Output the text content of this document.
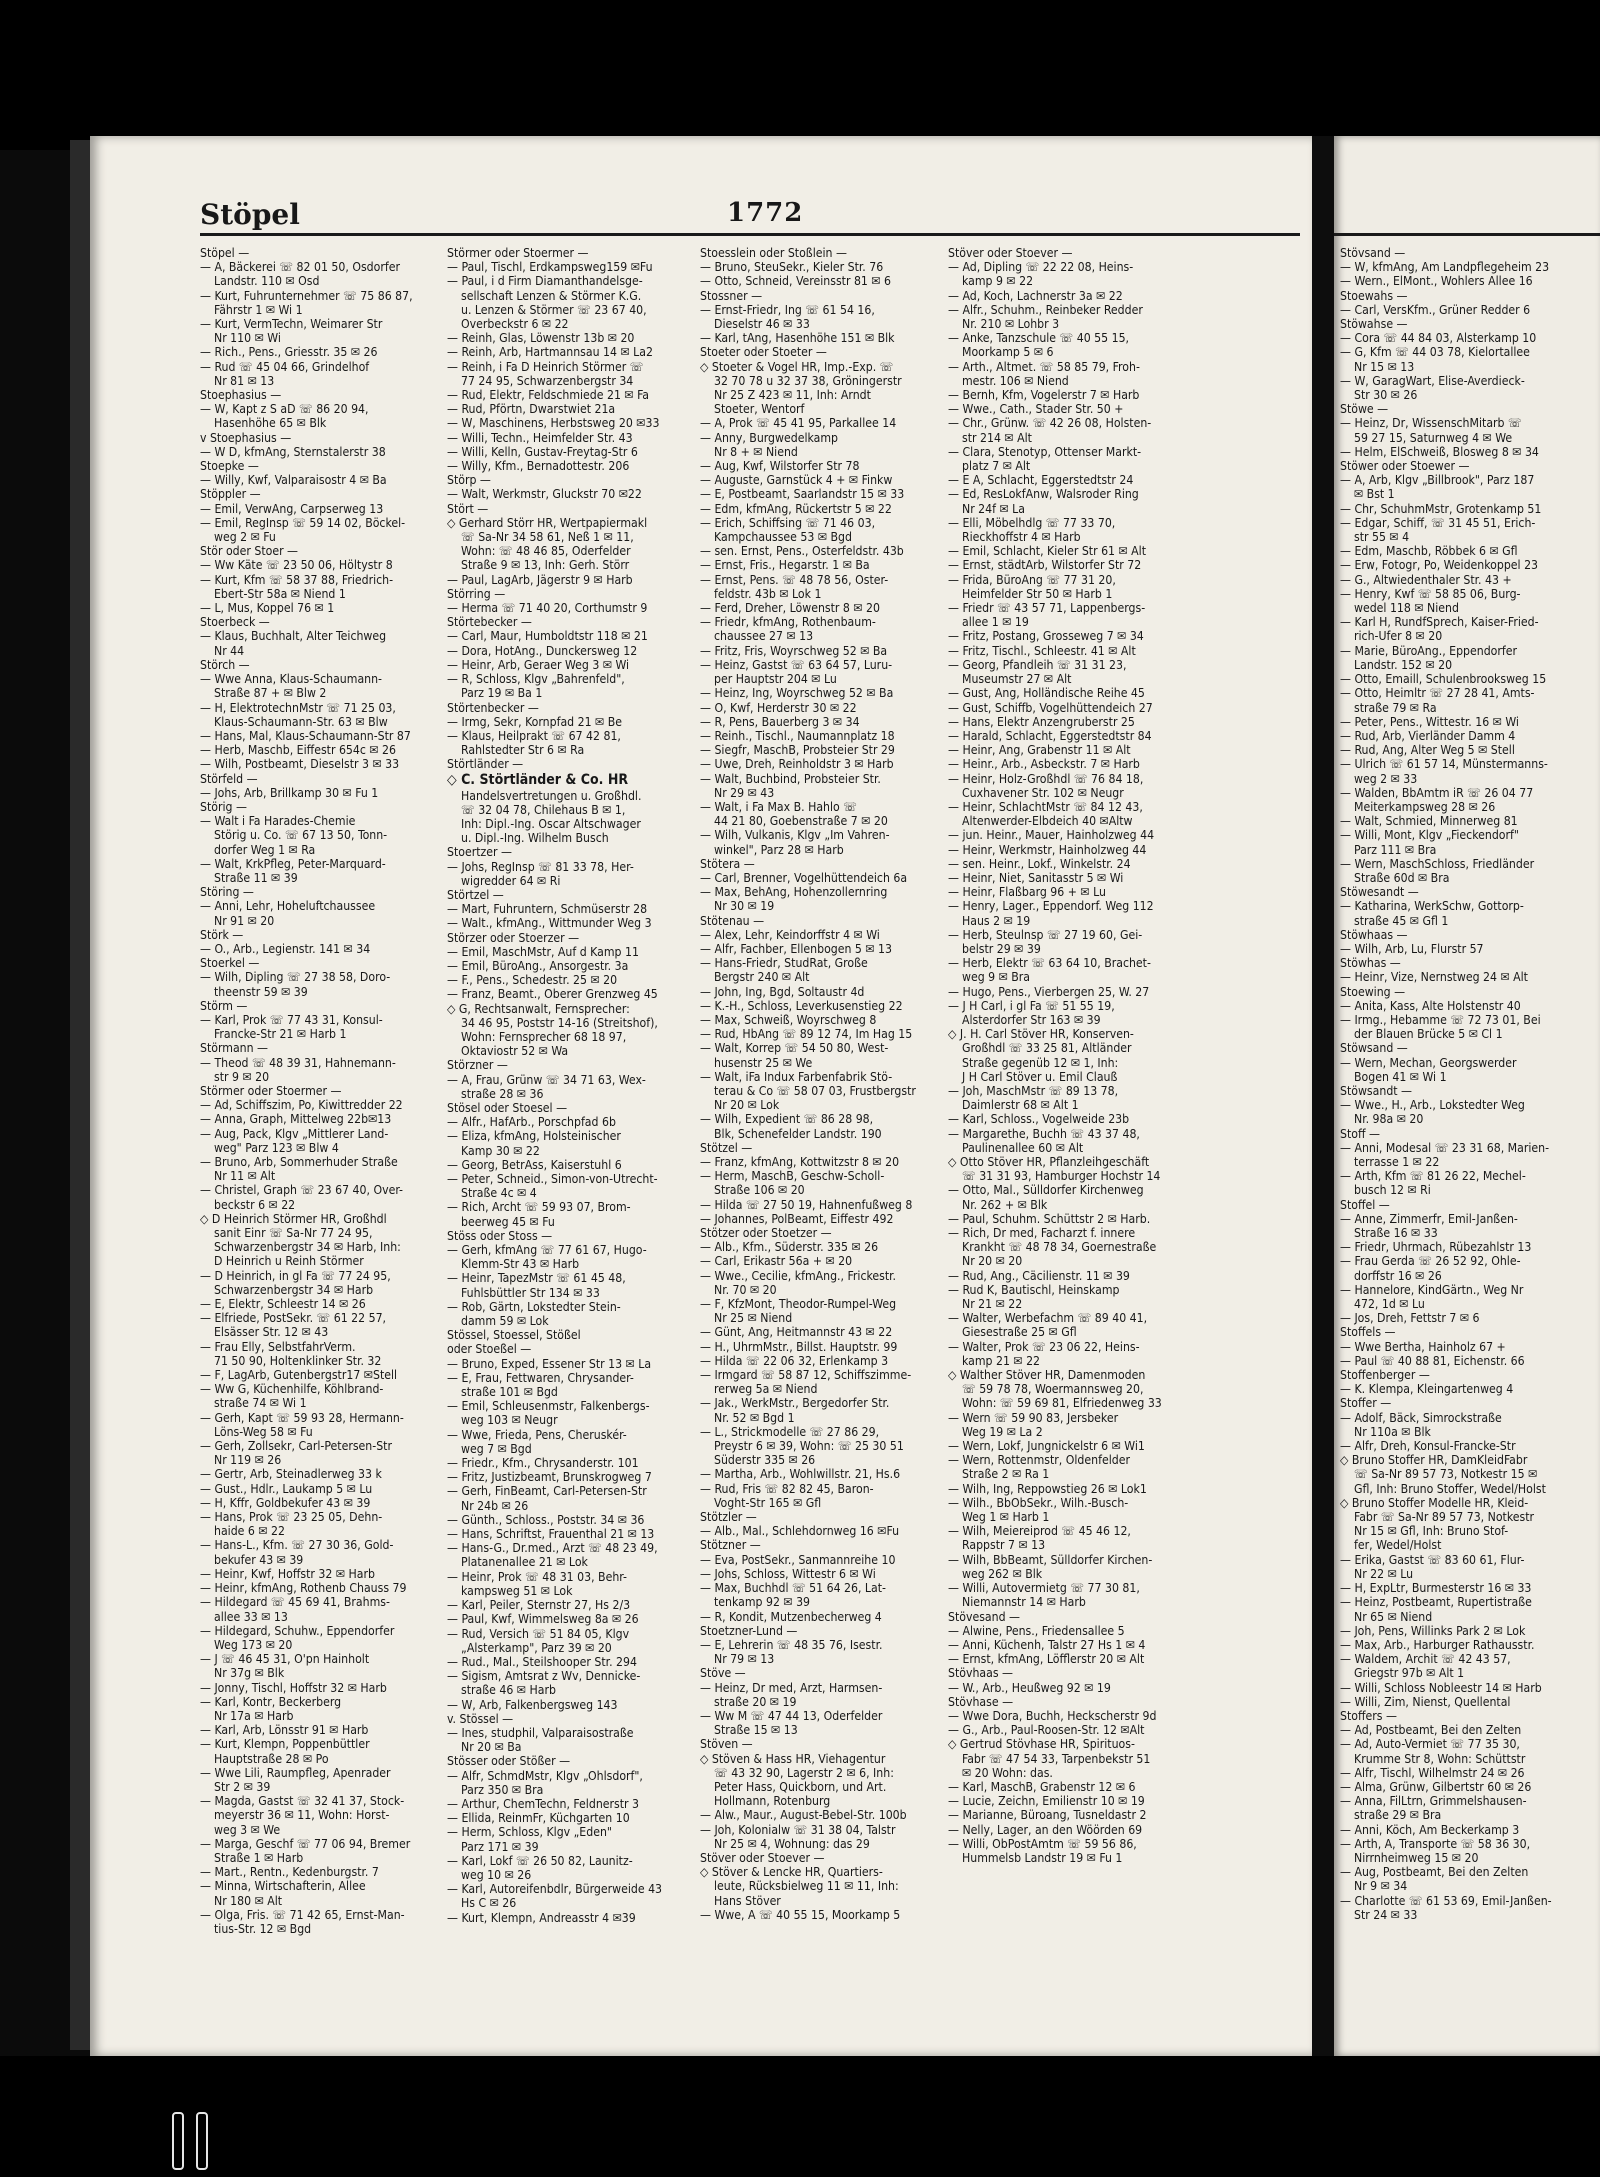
Stöpel	1772
Stöpel —
— A, Bäckerei ☏ 82 01 50, Osdorfer
Landstr. 110 ✉ Osd
— Kurt, Fuhrunternehmer ☏ 75 86 87,
Fährstr 1 ✉ Wi 1
— Kurt, VermTechn, Weimarer Str
Nr 110 ✉ Wi
— Rich., Pens., Griesstr. 35 ✉ 26
— Rud ☏ 45 04 66, Grindelhof
Nr 81 ✉ 13
Stoephasius —
— W, Kapt z S aD ☏ 86 20 94,
Hasenhöhe 65 ✉ Blk
v Stoephasius —
— W D, kfmAng, Sternstalerstr 38
Stoepke —
— Willy, Kwf, Valparaisostr 4 ✉ Ba
Stöppler —
— Emil, VerwAng, Carpserweg 13
— Emil, RegInsp ☏ 59 14 02, Böckel-
weg 2 ✉ Fu
Stör oder Stoer —
— Ww Käte ☏ 23 50 06, Höltystr 8
— Kurt, Kfm ☏ 58 37 88, Friedrich-
Ebert-Str 58a ✉ Niend 1
— L, Mus, Koppel 76 ✉ 1
Stoerbeck —
— Klaus, Buchhalt, Alter Teichweg
Nr 44
Störch —
— Wwe Anna, Klaus-Schaumann-
Straße 87 + ✉ Blw 2
— H, ElektrotechnMstr ☏ 71 25 03,
Klaus-Schaumann-Str. 63 ✉ Blw
— Hans, Mal, Klaus-Schaumann-Str 87
— Herb, Maschb, Eiffestr 654c ✉ 26
— Wilh, Postbeamt, Dieselstr 3 ✉ 33
Störfeld —
— Johs, Arb, Brillkamp 30 ✉ Fu 1
Störig —
— Walt i Fa Harades-Chemie
Störig u. Co. ☏ 67 13 50, Tonn-
dorfer Weg 1 ✉ Ra
— Walt, KrkPfleg, Peter-Marquard-
Straße 11 ✉ 39
Störing —
— Anni, Lehr, Hoheluftchaussee
Nr 91 ✉ 20
Störk —
— O., Arb., Legienstr. 141 ✉ 34
Stoerkel —
— Wilh, Dipling ☏ 27 38 58, Doro-
theenstr 59 ✉ 39
Störm —
— Karl, Prok ☏ 77 43 31, Konsul-
Francke-Str 21 ✉ Harb 1
Störmann —
— Theod ☏ 48 39 31, Hahnemann-
str 9 ✉ 20
Störmer oder Stoermer —
— Ad, Schiffszim, Po, Kiwittredder 22
— Anna, Graph, Mittelweg 22b✉13
— Aug, Pack, Klgv „Mittlerer Land-
weg" Parz 123 ✉ Blw 4
— Bruno, Arb, Sommerhuder Straße
Nr 11 ✉ Alt
— Christel, Graph ☏ 23 67 40, Over-
beckstr 6 ✉ 22
◇ D Heinrich Störmer HR, Großhdl
sanit Einr ☏ Sa-Nr 77 24 95,
Schwarzenbergstr 34 ✉ Harb, Inh:
D Heinrich u Reinh Störmer
— D Heinrich, in gl Fa ☏ 77 24 95,
Schwarzenbergstr 34 ✉ Harb
— E, Elektr, Schleestr 14 ✉ 26
— Elfriede, PostSekr. ☏ 61 22 57,
Elsässer Str. 12 ✉ 43
— Frau Elly, SelbstfahrVerm.
71 50 90, Holtenklinker Str. 32
— F, LagArb, Gutenbergstr17 ✉Stell
— Ww G, Küchenhilfe, Köhlbrand-
straße 74 ✉ Wi 1
— Gerh, Kapt ☏ 59 93 28, Hermann-
Löns-Weg 58 ✉ Fu
— Gerh, Zollsekr, Carl-Petersen-Str
Nr 119 ✉ 26
— Gertr, Arb, Steinadlerweg 33 k
— Gust., Hdlr., Laukamp 5 ✉ Lu
— H, Kffr, Goldbekufer 43 ✉ 39
— Hans, Prok ☏ 23 25 05, Dehn-
haide 6 ✉ 22
— Hans-L., Kfm. ☏ 27 30 36, Gold-
bekufer 43 ✉ 39
— Heinr, Kwf, Hoffstr 32 ✉ Harb
— Heinr, kfmAng, Rothenb Chauss 79
— Hildegard ☏ 45 69 41, Brahms-
allee 33 ✉ 13
— Hildegard, Schuhw., Eppendorfer
Weg 173 ✉ 20
— J ☏ 46 45 31, O'pn Hainholt
Nr 37g ✉ Blk
— Jonny, Tischl, Hoffstr 32 ✉ Harb
— Karl, Kontr, Beckerberg
Nr 17a ✉ Harb
— Karl, Arb, Lönsstr 91 ✉ Harb
— Kurt, Klempn, Poppenbüttler
Hauptstraße 28 ✉ Po
— Wwe Lili, Raumpfleg, Apenrader
Str 2 ✉ 39
— Magda, Gastst ☏ 32 41 37, Stock-
meyerstr 36 ✉ 11, Wohn: Horst-
weg 3 ✉ We
— Marga, Geschf ☏ 77 06 94, Bremer
Straße 1 ✉ Harb
— Mart., Rentn., Kedenburgstr. 7
— Minna, Wirtschafterin, Allee
Nr 180 ✉ Alt
— Olga, Fris. ☏ 71 42 65, Ernst-Man-
tius-Str. 12 ✉ Bgd
Störmer oder Stoermer —
— Paul, Tischl, Erdkampsweg159 ✉Fu
— Paul, i d Firm Diamanthandelsge-
sellschaft Lenzen & Störmer K.G.
u. Lenzen & Störmer ☏ 23 67 40,
Overbeckstr 6 ✉ 22
— Reinh, Glas, Löwenstr 13b ✉ 20
— Reinh, Arb, Hartmannsau 14 ✉ La2
— Reinh, i Fa D Heinrich Störmer ☏
77 24 95, Schwarzenbergstr 34
— Rud, Elektr, Feldschmiede 21 ✉ Fa
— Rud, Pförtn, Dwarstwiet 21a
— W, Maschinens, Herbstsweg 20 ✉33
— Willi, Techn., Heimfelder Str. 43
— Willi, Kelln, Gustav-Freytag-Str 6
— Willy, Kfm., Bernadottestr. 206
Störp —
— Walt, Werkmstr, Gluckstr 70 ✉22
Stört —
◇ Gerhard Störr HR, Wertpapiermakl
☏ Sa-Nr 34 58 61, Neß 1 ✉ 11,
Wohn: ☏ 48 46 85, Oderfelder
Straße 9 ✉ 13, Inh: Gerh. Störr
— Paul, LagArb, Jägerstr 9 ✉ Harb
Störring —
— Herma ☏ 71 40 20, Corthumstr 9
Störtebecker —
— Carl, Maur, Humboldtstr 118 ✉ 21
— Dora, HotAng., Dunckersweg 12
— Heinr, Arb, Geraer Weg 3 ✉ Wi
— R, Schloss, Klgv „Bahrenfeld",
Parz 19 ✉ Ba 1
Störtenbecker —
— Irmg, Sekr, Kornpfad 21 ✉ Be
— Klaus, Heilprakt ☏ 67 42 81,
Rahlstedter Str 6 ✉ Ra
Störtländer —
◇ C. Störtländer & Co. HR
Handelsvertretungen u. Großhdl.
☏ 32 04 78, Chilehaus B ✉ 1,
Inh: Dipl.-Ing. Oscar Altschwager
u. Dipl.-Ing. Wilhelm Busch
Stoertzer —
— Johs, RegInsp ☏ 81 33 78, Her-
wigredder 64 ✉ Ri
Störtzel —
— Mart, Fuhruntern, Schmüserstr 28
— Walt., kfmAng., Wittmunder Weg 3
Störzer oder Stoerzer —
— Emil, MaschMstr, Auf d Kamp 11
— Emil, BüroAng., Ansorgestr. 3a
— F., Pens., Schedestr. 25 ✉ 20
— Franz, Beamt., Oberer Grenzweg 45
◇ G, Rechtsanwalt, Fernsprecher:
34 46 95, Poststr 14-16 (Streitshof),
Wohn: Fernsprecher 68 18 97,
Oktaviostr 52 ✉ Wa
Störzner —
— A, Frau, Grünw ☏ 34 71 63, Wex-
straße 28 ✉ 36
Stösel oder Stoesel —
— Alfr., HafArb., Porschpfad 6b
— Eliza, kfmAng, Holsteinischer
Kamp 30 ✉ 22
— Georg, BetrAss, Kaiserstuhl 6
— Peter, Schneid., Simon-von-Utrecht-
Straße 4c ✉ 4
— Rich, Archt ☏ 59 93 07, Brom-
beerweg 45 ✉ Fu
Stöss oder Stoss —
— Gerh, kfmAng ☏ 77 61 67, Hugo-
Klemm-Str 43 ✉ Harb
— Heinr, TapezMstr ☏ 61 45 48,
Fuhlsbüttler Str 134 ✉ 33
— Rob, Gärtn, Lokstedter Stein-
damm 59 ✉ Lok
Stössel, Stoessel, Stößel
oder Stoeßel —
— Bruno, Exped, Essener Str 13 ✉ La
— E, Frau, Fettwaren, Chrysander-
straße 101 ✉ Bgd
— Emil, Schleusenmstr, Falkenbergs-
weg 103 ✉ Neugr
— Wwe, Frieda, Pens, Cheruskér-
weg 7 ✉ Bgd
— Friedr., Kfm., Chrysanderstr. 101
— Fritz, Justizbeamt, Brunskrogweg 7
— Gerh, FinBeamt, Carl-Petersen-Str
Nr 24b ✉ 26
— Günth., Schloss., Poststr. 34 ✉ 36
— Hans, Schriftst, Frauenthal 21 ✉ 13
— Hans-G., Dr.med., Arzt ☏ 48 23 49,
Platanenallee 21 ✉ Lok
— Heinr, Prok ☏ 48 31 03, Behr-
kampsweg 51 ✉ Lok
— Karl, Peiler, Sternstr 27, Hs 2/3
— Paul, Kwf, Wimmelsweg 8a ✉ 26
— Rud, Versich ☏ 51 84 05, Klgv
„Alsterkamp", Parz 39 ✉ 20
— Rud., Mal., Steilshooper Str. 294
— Sigism, Amtsrat z Wv, Dennicke-
straße 46 ✉ Harb
— W, Arb, Falkenbergsweg 143
v. Stössel —
— Ines, studphil, Valparaisostraße
Nr 20 ✉ Ba
Stösser oder Stößer —
— Alfr, SchmdMstr, Klgv „Ohlsdorf",
Parz 350 ✉ Bra
— Arthur, ChemTechn, Feldnerstr 3
— Ellida, ReinmFr, Küchgarten 10
— Herm, Schloss, Klgv „Eden"
Parz 171 ✉ 39
— Karl, Lokf ☏ 26 50 82, Launitz-
weg 10 ✉ 26
— Karl, Autoreifenbdlr, Bürgerweide 43
Hs C ✉ 26
— Kurt, Klempn, Andreasstr 4 ✉39
Stoesslein oder Stoßlein —
— Bruno, SteuSekr., Kieler Str. 76
— Otto, Schneid, Vereinsstr 81 ✉ 6
Stossner —
— Ernst-Friedr, Ing ☏ 61 54 16,
Dieselstr 46 ✉ 33
— Karl, tAng, Hasenhöhe 151 ✉ Blk
Stoeter oder Stoeter —
◇ Stoeter & Vogel HR, Imp.-Exp. ☏
32 70 78 u 32 37 38, Gröningerstr
Nr 25 Z 423 ✉ 11, Inh: Arndt
Stoeter, Wentorf
— A, Prok ☏ 45 41 95, Parkallee 14
— Anny, Burgwedelkamp
Nr 8 + ✉ Niend
— Aug, Kwf, Wilstorfer Str 78
— Auguste, Garnstück 4 + ✉ Finkw
— E, Postbeamt, Saarlandstr 15 ✉ 33
— Edm, kfmAng, Rückertstr 5 ✉ 22
— Erich, Schiffsing ☏ 71 46 03,
Kampchaussee 53 ✉ Bgd
— sen. Ernst, Pens., Osterfeldstr. 43b
— Ernst, Fris., Hegarstr. 1 ✉ Ba
— Ernst, Pens. ☏ 48 78 56, Oster-
feldstr. 43b ✉ Lok 1
— Ferd, Dreher, Löwenstr 8 ✉ 20
— Friedr, kfmAng, Rothenbaum-
chaussee 27 ✉ 13
— Fritz, Fris, Woyrschweg 52 ✉ Ba
— Heinz, Gastst ☏ 63 64 57, Luru-
per Hauptstr 204 ✉ Lu
— Heinz, Ing, Woyrschweg 52 ✉ Ba
— O, Kwf, Herderstr 30 ✉ 22
— R, Pens, Bauerberg 3 ✉ 34
— Reinh., Tischl., Naumannplatz 18
— Siegfr, MaschB, Probsteier Str 29
— Uwe, Dreh, Reinholdstr 3 ✉ Harb
— Walt, Buchbind, Probsteier Str.
Nr 29 ✉ 43
— Walt, i Fa Max B. Hahlo ☏
44 21 80, Goebenstraße 7 ✉ 20
— Wilh, Vulkanis, Klgv „Im Vahren-
winkel", Parz 28 ✉ Harb
Stötera —
— Carl, Brenner, Vogelhüttendeich 6a
— Max, BehAng, Hohenzollernring
Nr 30 ✉ 19
Stötenau —
— Alex, Lehr, Keindorffstr 4 ✉ Wi
— Alfr, Fachber, Ellenbogen 5 ✉ 13
— Hans-Friedr, StudRat, Große
Bergstr 240 ✉ Alt
— John, Ing, Bgd, Soltaustr 4d
— K.-H., Schloss, Leverkusenstieg 22
— Max, Schweiß, Woyrschweg 8
— Rud, HbAng ☏ 89 12 74, Im Hag 15
— Walt, Korrep ☏ 54 50 80, West-
husenstr 25 ✉ We
— Walt, iFa Indux Farbenfabrik Stö-
terau & Co ☏ 58 07 03, Frustbergstr
Nr 20 ✉ Lok
— Wilh, Expedient ☏ 86 28 98,
Blk, Schenefelder Landstr. 190
Stötzel —
— Franz, kfmAng, Kottwitzstr 8 ✉ 20
— Herm, MaschB, Geschw-Scholl-
Straße 106 ✉ 20
— Hilda ☏ 27 50 19, Hahnenfußweg 8
— Johannes, PolBeamt, Eiffestr 492
Stötzer oder Stoetzer —
— Alb., Kfm., Süderstr. 335 ✉ 26
— Carl, Erikastr 56a + ✉ 20
— Wwe., Cecilie, kfmAng., Frickestr.
Nr. 70 ✉ 20
— F, KfzMont, Theodor-Rumpel-Weg
Nr 25 ✉ Niend
— Günt, Ang, Heitmannstr 43 ✉ 22
— H., UhrmMstr., Billst. Hauptstr. 99
— Hilda ☏ 22 06 32, Erlenkamp 3
— Irmgard ☏ 58 87 12, Schiffszimme-
rerweg 5a ✉ Niend
— Jak., WerkMstr., Bergedorfer Str.
Nr. 52 ✉ Bgd 1
— L., Strickmodelle ☏ 27 86 29,
Preystr 6 ✉ 39, Wohn: ☏ 25 30 51
Süderstr 335 ✉ 26
— Martha, Arb., Wohlwillstr. 21, Hs.6
— Rud, Fris ☏ 82 82 45, Baron-
Voght-Str 165 ✉ Gfl
Stötzler —
— Alb., Mal., Schlehdornweg 16 ✉Fu
Stötzner —
— Eva, PostSekr., Sanmannreihe 10
— Johs, Schloss, Wittestr 6 ✉ Wi
— Max, Buchhdl ☏ 51 64 26, Lat-
tenkamp 92 ✉ 39
— R, Kondit, Mutzenbecherweg 4
Stoetzner-Lund —
— E, Lehrerin ☏ 48 35 76, Isestr.
Nr 79 ✉ 13
Stöve —
— Heinz, Dr med, Arzt, Harmsen-
straße 20 ✉ 19
— Ww M ☏ 47 44 13, Oderfelder
Straße 15 ✉ 13
Stöven —
◇ Stöven & Hass HR, Viehagentur
☏ 43 32 90, Lagerstr 2 ✉ 6, Inh:
Peter Hass, Quickborn, und Art.
Hollmann, Rotenburg
— Alw., Maur., August-Bebel-Str. 100b
— Joh, Kolonialw ☏ 31 38 04, Talstr
Nr 25 ✉ 4, Wohnung: das 29
Stöver oder Stoever —
◇ Stöver & Lencke HR, Quartiers-
leute, Rücksbielweg 11 ✉ 11, Inh:
Hans Stöver
— Wwe, A ☏ 40 55 15, Moorkamp 5
Stöver oder Stoever —
— Ad, Dipling ☏ 22 22 08, Heins-
kamp 9 ✉ 22
— Ad, Koch, Lachnerstr 3a ✉ 22
— Alfr., Schuhm., Reinbeker Redder
Nr. 210 ✉ Lohbr 3
— Anke, Tanzschule ☏ 40 55 15,
Moorkamp 5 ✉ 6
— Arth., Altmet. ☏ 58 85 79, Froh-
mestr. 106 ✉ Niend
— Bernh, Kfm, Vogelerstr 7 ✉ Harb
— Wwe., Cath., Stader Str. 50 +
— Chr., Grünw. ☏ 42 26 08, Holsten-
str 214 ✉ Alt
— Clara, Stenotyp, Ottenser Markt-
platz 7 ✉ Alt
— E A, Schlacht, Eggerstedtstr 24
— Ed, ResLokfAnw, Walsroder Ring
Nr 24f ✉ La
— Elli, Möbelhdlg ☏ 77 33 70,
Rieckhoffstr 4 ✉ Harb
— Emil, Schlacht, Kieler Str 61 ✉ Alt
— Ernst, städtArb, Wilstorfer Str 72
— Frida, BüroAng ☏ 77 31 20,
Heimfelder Str 50 ✉ Harb 1
— Friedr ☏ 43 57 71, Lappenbergs-
allee 1 ✉ 19
— Fritz, Postang, Grosseweg 7 ✉ 34
— Fritz, Tischl., Schleestr. 41 ✉ Alt
— Georg, Pfandleih ☏ 31 31 23,
Museumstr 27 ✉ Alt
— Gust, Ang, Holländische Reihe 45
— Gust, Schiffb, Vogelhüttendeich 27
— Hans, Elektr Anzengruberstr 25
— Harald, Schlacht, Eggerstedtstr 84
— Heinr, Ang, Grabenstr 11 ✉ Alt
— Heinr., Arb., Asbeckstr. 7 ✉ Harb
— Heinr, Holz-Großhdl ☏ 76 84 18,
Cuxhavener Str. 102 ✉ Neugr
— Heinr, SchlachtMstr ☏ 84 12 43,
Altenwerder-Elbdeich 40 ✉Altw
— jun. Heinr., Mauer, Hainholzweg 44
— Heinr, Werkmstr, Hainholzweg 44
— sen. Heinr., Lokf., Winkelstr. 24
— Heinr, Niet, Sanitasstr 5 ✉ Wi
— Heinr, Flaßbarg 96 + ✉ Lu
— Henry, Lager., Eppendorf. Weg 112
Haus 2 ✉ 19
— Herb, Steulnsp ☏ 27 19 60, Gei-
belstr 29 ✉ 39
— Herb, Elektr ☏ 63 64 10, Brachet-
weg 9 ✉ Bra
— Hugo, Pens., Vierbergen 25, W. 27
— J H Carl, i gl Fa ☏ 51 55 19,
Alsterdorfer Str 163 ✉ 39
◇ J. H. Carl Stöver HR, Konserven-
Großhdl ☏ 33 25 81, Altländer
Straße gegenüb 12 ✉ 1, Inh:
J H Carl Stöver u. Emil Clauß
— Joh, MaschMstr ☏ 89 13 78,
Daimlerstr 68 ✉ Alt 1
— Karl, Schloss., Vogelweide 23b
— Margarethe, Buchh ☏ 43 37 48,
Paulinenallee 60 ✉ Alt
◇ Otto Stöver HR, Pflanzleihgeschäft
☏ 31 31 93, Hamburger Hochstr 14
— Otto, Mal., Sülldorfer Kirchenweg
Nr. 262 + ✉ Blk
— Paul, Schuhm. Schüttstr 2 ✉ Harb.
— Rich, Dr med, Facharzt f. innere
Krankht ☏ 48 78 34, Goernestraße
Nr 20 ✉ 20
— Rud, Ang., Cäcilienstr. 11 ✉ 39
— Rud K, Bautischl, Heinskamp
Nr 21 ✉ 22
— Walter, Werbefachm ☏ 89 40 41,
Giesestraße 25 ✉ Gfl
— Walter, Prok ☏ 23 06 22, Heins-
kamp 21 ✉ 22
◇ Walther Stöver HR, Damenmoden
☏ 59 78 78, Woermannsweg 20,
Wohn: ☏ 59 69 81, Elfriedenweg 33
— Wern ☏ 59 90 83, Jersbeker
Weg 19 ✉ La 2
— Wern, Lokf, Jungnickelstr 6 ✉ Wi1
— Wern, Rottenmstr, Oldenfelder
Straße 2 ✉ Ra 1
— Wilh, Ing, Reppowstieg 26 ✉ Lok1
— Wilh., BbObSekr., Wilh.-Busch-
Weg 1 ✉ Harb 1
— Wilh, Meiereiprod ☏ 45 46 12,
Rappstr 7 ✉ 13
— Wilh, BbBeamt, Sülldorfer Kirchen-
weg 262 ✉ Blk
— Willi, Autovermietg ☏ 77 30 81,
Niemannstr 14 ✉ Harb
Stövesand —
— Alwine, Pens., Friedensallee 5
— Anni, Küchenh, Talstr 27 Hs 1 ✉ 4
— Ernst, kfmAng, Löfflerstr 20 ✉ Alt
Stövhaas —
— W., Arb., Heußweg 92 ✉ 19
Stövhase —
— Wwe Dora, Buchh, Heckscherstr 9d
— G., Arb., Paul-Roosen-Str. 12 ✉Alt
◇ Gertrud Stövhase HR, Spirituos-
Fabr ☏ 47 54 33, Tarpenbekstr 51
✉ 20 Wohn: das.
— Karl, MaschB, Grabenstr 12 ✉ 6
— Lucie, Zeichn, Emilienstr 10 ✉ 19
— Marianne, Büroang, Tusneldastr 2
— Nelly, Lager, an den Wöörden 69
— Willi, ObPostAmtm ☏ 59 56 86,
Hummelsb Landstr 19 ✉ Fu 1
Stövsand —
— W, kfmAng, Am Landpflegeheim 23
— Wern., ElMont., Wohlers Allee 16
Stoewahs —
— Carl, VersKfm., Grüner Redder 6
Stöwahse —
— Cora ☏ 44 84 03, Alsterkamp 10
— G, Kfm ☏ 44 03 78, Kielortallee
Nr 15 ✉ 13
— W, GaragWart, Elise-Averdieck-
Str 30 ✉ 26
Stöwe —
— Heinz, Dr, WissenschMitarb ☏
59 27 15, Saturnweg 4 ✉ We
— Helm, ElSchweiß, Blosweg 8 ✉ 34
Stöwer oder Stoewer —
— A, Arb, Klgv „Billbrook", Parz 187
✉ Bst 1
— Chr, SchuhmMstr, Grotenkamp 51
— Edgar, Schiff, ☏ 31 45 51, Erich-
str 55 ✉ 4
— Edm, Maschb, Röbbek 6 ✉ Gfl
— Erw, Fotogr, Po, Weidenkoppel 23
— G., Altwiedenthaler Str. 43 +
— Henry, Kwf ☏ 58 85 06, Burg-
wedel 118 ✉ Niend
— Karl H, RundfSprech, Kaiser-Fried-
rich-Ufer 8 ✉ 20
— Marie, BüroAng., Eppendorfer
Landstr. 152 ✉ 20
— Otto, Emaill, Schulenbrooksweg 15
— Otto, Heimltr ☏ 27 28 41, Amts-
straße 79 ✉ Ra
— Peter, Pens., Wittestr. 16 ✉ Wi
— Rud, Arb, Vierländer Damm 4
— Rud, Ang, Alter Weg 5 ✉ Stell
— Ulrich ☏ 61 57 14, Münstermanns-
weg 2 ✉ 33
— Walden, BbAmtm iR ☏ 26 04 77
Meiterkampsweg 28 ✉ 26
— Walt, Schmied, Minnerweg 81
— Willi, Mont, Klgv „Fieckendorf"
Parz 111 ✉ Bra
— Wern, MaschSchloss, Friedländer
Straße 60d ✉ Bra
Stöwesandt —
— Katharina, WerkSchw, Gottorp-
straße 45 ✉ Gfl 1
Stöwhaas —
— Wilh, Arb, Lu, Flurstr 57
Stöwhas —
— Heinr, Vize, Nernstweg 24 ✉ Alt
Stoewing —
— Anita, Kass, Alte Holstenstr 40
— Irmg., Hebamme ☏ 72 73 01, Bei
der Blauen Brücke 5 ✉ Cl 1
Stöwsand —
— Wern, Mechan, Georgswerder
Bogen 41 ✉ Wi 1
Stöwsandt —
— Wwe., H., Arb., Lokstedter Weg
Nr. 98a ✉ 20
Stoff —
— Anni, Modesal ☏ 23 31 68, Marien-
terrasse 1 ✉ 22
— Arth, Kfm ☏ 81 26 22, Mechel-
busch 12 ✉ Ri
Stoffel —
— Anne, Zimmerfr, Emil-Janßen-
Straße 16 ✉ 33
— Friedr, Uhrmach, Rübezahlstr 13
— Frau Gerda ☏ 26 52 92, Ohle-
dorffstr 16 ✉ 26
— Hannelore, KindGärtn., Weg Nr
472, 1d ✉ Lu
— Jos, Dreh, Fettstr 7 ✉ 6
Stoffels —
— Wwe Bertha, Hainholz 67 +
— Paul ☏ 40 88 81, Eichenstr. 66
Stoffenberger —
— K. Klempa, Kleingartenweg 4
Stoffer —
— Adolf, Bäck, Simrockstraße
Nr 110a ✉ Blk
— Alfr, Dreh, Konsul-Francke-Str
◇ Bruno Stoffer HR, DamKleidFabr
☏ Sa-Nr 89 57 73, Notkestr 15 ✉
Gfl, Inh: Bruno Stoffer, Wedel/Holst
◇ Bruno Stoffer Modelle HR, Kleid-
Fabr ☏ Sa-Nr 89 57 73, Notkestr
Nr 15 ✉ Gfl, Inh: Bruno Stof-
fer, Wedel/Holst
— Erika, Gastst ☏ 83 60 61, Flur-
Nr 22 ✉ Lu
— H, ExpLtr, Burmesterstr 16 ✉ 33
— Heinz, Postbeamt, Rupertistraße
Nr 65 ✉ Niend
— Joh, Pens, Willinks Park 2 ✉ Lok
— Max, Arb., Harburger Rathausstr.
— Waldem, Archit ☏ 42 43 57,
Griegstr 97b ✉ Alt 1
— Willi, Schloss Nobleestr 14 ✉ Harb
— Willi, Zim, Nienst, Quellental
Stoffers —
— Ad, Postbeamt, Bei den Zelten
— Ad, Auto-Vermiet ☏ 77 35 30,
Krumme Str 8, Wohn: Schüttstr
— Alfr, Tischl, Wilhelmstr 24 ✉ 26
— Alma, Grünw, Gilbertstr 60 ✉ 26
— Anna, FilLtrn, Grimmelshausen-
straße 29 ✉ Bra
— Anni, Köch, Am Beckerkamp 3
— Arth, A, Transporte ☏ 58 36 30,
Nirrnheimweg 15 ✉ 20
— Aug, Postbeamt, Bei den Zelten
Nr 9 ✉ 34
— Charlotte ☏ 61 53 69, Emil-Janßen-
Str 24 ✉ 33
